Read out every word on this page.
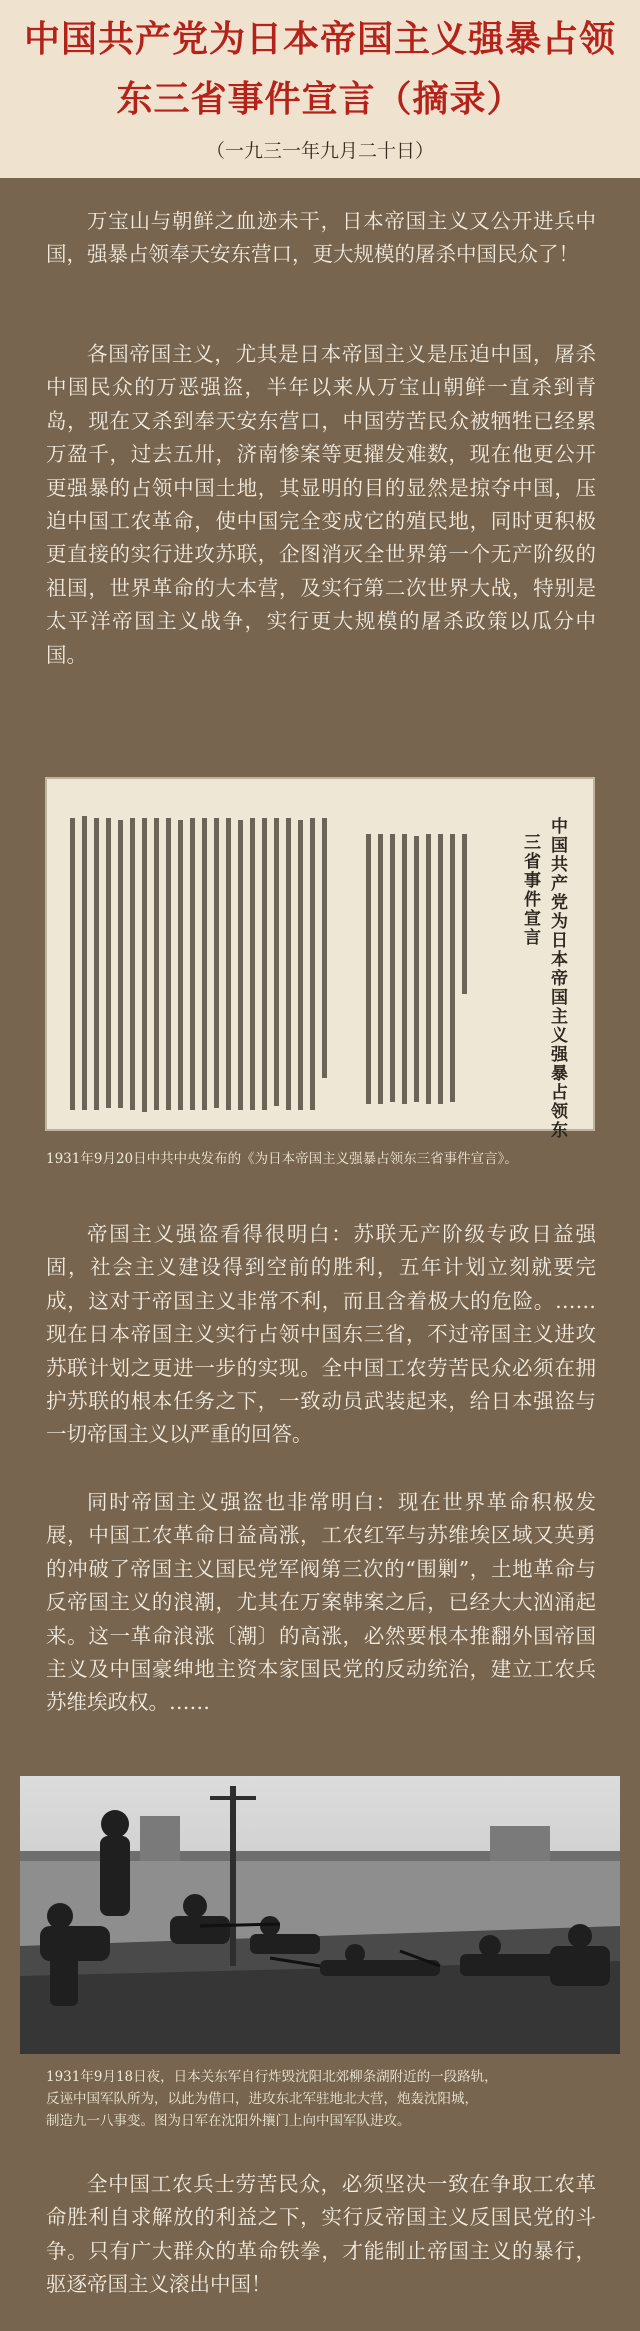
中国共产党为日本帝国主义强暴占领
东三省事件宣言（摘录）
（一九三一年九月二十日）

万宝山与朝鲜之血迹未干，日本帝国主义又公开进兵中国，强暴占领奉天安东营口，更大规模的屠杀中国民众了！

各国帝国主义，尤其是日本帝国主义是压迫中国，屠杀中国民众的万恶强盗，半年以来从万宝山朝鲜一直杀到青岛，现在又杀到奉天安东营口，中国劳苦民众被牺牲已经累万盈千，过去五卅，济南惨案等更擢发难数，现在他更公开更强暴的占领中国土地，其显明的目的显然是掠夺中国，压迫中国工农革命，使中国完全变成它的殖民地，同时更积极更直接的实行进攻苏联，企图消灭全世界第一个无产阶级的祖国，世界革命的大本营，及实行第二次世界大战，特别是太平洋帝国主义战争，实行更大规模的屠杀政策以瓜分中国。

中国共产党为日本帝国主义强暴占领东
三省事件宣言
1931年9月20日中共中央发布的《为日本帝国主义强暴占领东三省事件宣言》。

帝国主义强盗看得很明白：苏联无产阶级专政日益强固，社会主义建设得到空前的胜利，五年计划立刻就要完成，这对于帝国主义非常不利，而且含着极大的危险。……现在日本帝国主义实行占领中国东三省，不过帝国主义进攻苏联计划之更进一步的实现。全中国工农劳苦民众必须在拥护苏联的根本任务之下，一致动员武装起来，给日本强盗与一切帝国主义以严重的回答。

同时帝国主义强盗也非常明白：现在世界革命积极发展，中国工农革命日益高涨，工农红军与苏维埃区域又英勇的冲破了帝国主义国民党军阀第三次的“围剿”，土地革命与反帝国主义的浪潮，尤其在万案韩案之后，已经大大汹涌起来。这一革命浪涨〔潮〕的高涨，必然要根本推翻外国帝国主义及中国豪绅地主资本家国民党的反动统治，建立工农兵苏维埃政权。……

1931年9月18日夜，日本关东军自行炸毁沈阳北郊柳条湖附近的一段路轨，
反诬中国军队所为，以此为借口，进攻东北军驻地北大营，炮轰沈阳城，
制造九一八事变。图为日军在沈阳外攘门上向中国军队进攻。

全中国工农兵士劳苦民众，必须坚决一致在争取工农革命胜利自求解放的利益之下，实行反帝国主义反国民党的斗争。只有广大群众的革命铁拳，才能制止帝国主义的暴行，驱逐帝国主义滚出中国！
